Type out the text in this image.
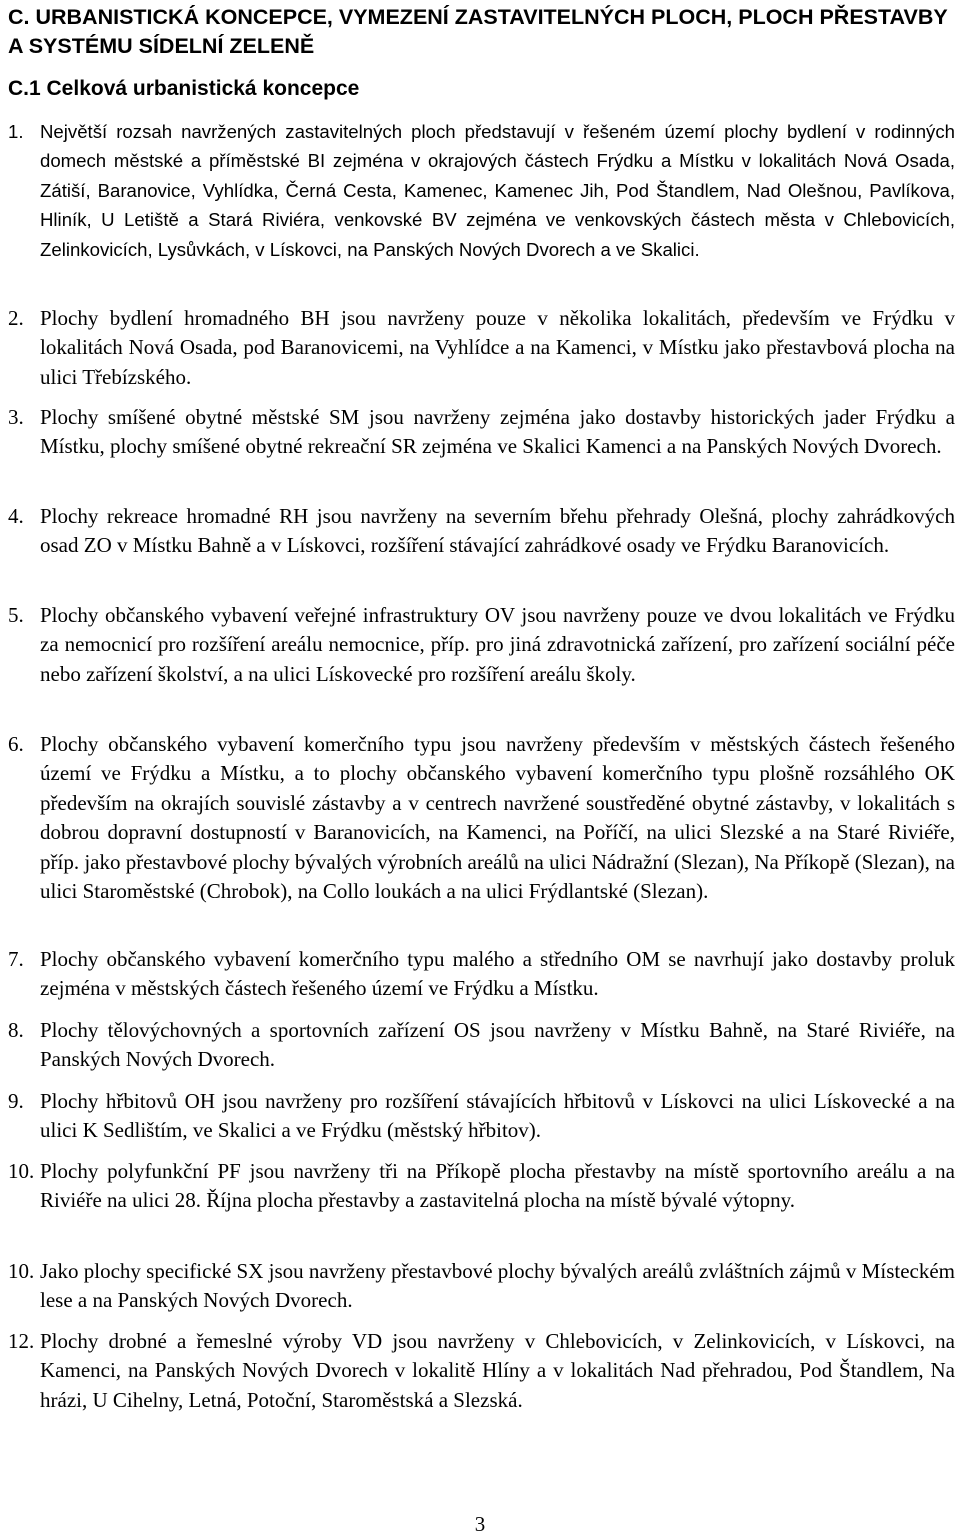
C. URBANISTICKÁ KONCEPCE, VYMEZENÍ ZASTAVITELNÝCH PLOCH, PLOCH PŘESTAVBY A SYSTÉMU SÍDELNÍ ZELENĚ
C.1 Celková urbanistická koncepce
1. Největší rozsah navržených zastavitelných ploch představují v řešeném území plochy bydlení v rodinných domech městské a příměstské BI zejména v okrajových částech Frýdku a Místku v lokalitách Nová Osada, Zátiší, Baranovice, Vyhlídka, Černá Cesta, Kamenec, Kamenec Jih, Pod Štandlem, Nad Olešnou, Pavlíkova, Hliník, U Letiště a Stará Riviéra, venkovské BV zejména ve venkovských částech města v Chlebovicích, Zelinkovicích, Lysůvkách, v Lískovci, na Panských Nových Dvorech a ve Skalici.
2. Plochy bydlení hromadného BH jsou navrženy pouze v několika lokalitách, především ve Frýdku v lokalitách Nová Osada, pod Baranovicemi, na Vyhlídce a na Kamenci, v Místku jako přestavbová plocha na ulici Třebízského.
3. Plochy smíšené obytné městské SM jsou navrženy zejména jako dostavby historických jader Frýdku a Místku, plochy smíšené obytné rekreační SR zejména ve Skalici Kamenci a na Panských Nových Dvorech.
4. Plochy rekreace hromadné RH jsou navrženy na severním břehu přehrady Olešná, plochy zahrádkových osad ZO v Místku Bahně a v Lískovci, rozšíření stávající zahrádkové osady ve Frýdku Baranovicích.
5. Plochy občanského vybavení veřejné infrastruktury OV jsou navrženy pouze ve dvou lokalitách ve Frýdku za nemocnicí pro rozšíření areálu nemocnice, příp. pro jiná zdravotnická zařízení, pro zařízení sociální péče nebo zařízení školství, a na ulici Lískovecké pro rozšíření areálu školy.
6. Plochy občanského vybavení komerčního typu jsou navrženy především v městských částech řešeného území ve Frýdku a Místku, a to plochy občanského vybavení komerčního typu plošně rozsáhlého OK především na okrajích souvislé zástavby a v centrech navržené soustředěné obytné zástavby, v lokalitách s dobrou dopravní dostupností v Baranovicích, na Kamenci, na Poříčí, na ulici Slezské a na Staré Riviéře, příp. jako přestavbové plochy bývalých výrobních areálů na ulici Nádražní (Slezan), Na Příkopě (Slezan), na ulici Staroměstské (Chrobok), na Collo loukách a na ulici Frýdlantské (Slezan).
7. Plochy občanského vybavení komerčního typu malého a středního OM se navrhují jako dostavby proluk zejména v městských částech řešeného území ve Frýdku a Místku.
8. Plochy tělovýchovných a sportovních zařízení OS jsou navrženy v Místku Bahně, na Staré Riviéře, na Panských Nových Dvorech.
9. Plochy hřbitovů OH jsou navrženy pro rozšíření stávajících hřbitovů v Lískovci na ulici Lískovecké a na ulici K Sedlištím, ve Skalici a ve Frýdku (městský hřbitov).
10. Plochy polyfunkční PF jsou navrženy tři na Příkopě plocha přestavby na místě sportovního areálu a na Riviéře na ulici 28. Října plocha přestavby a zastavitelná plocha na místě bývalé výtopny.
10. Jako plochy specifické SX jsou navrženy přestavbové plochy bývalých areálů zvláštních zájmů v Místeckém lese a na Panských Nových Dvorech.
12. Plochy drobné a řemeslné výroby VD jsou navrženy v Chlebovicích, v Zelinkovicích, v Lískovci, na Kamenci, na Panských Nových Dvorech v lokalitě Hlíny a v lokalitách Nad přehradou, Pod Štandlem, Na hrázi, U Cihelny, Letná, Potoční, Staroměstská a Slezská.
3
